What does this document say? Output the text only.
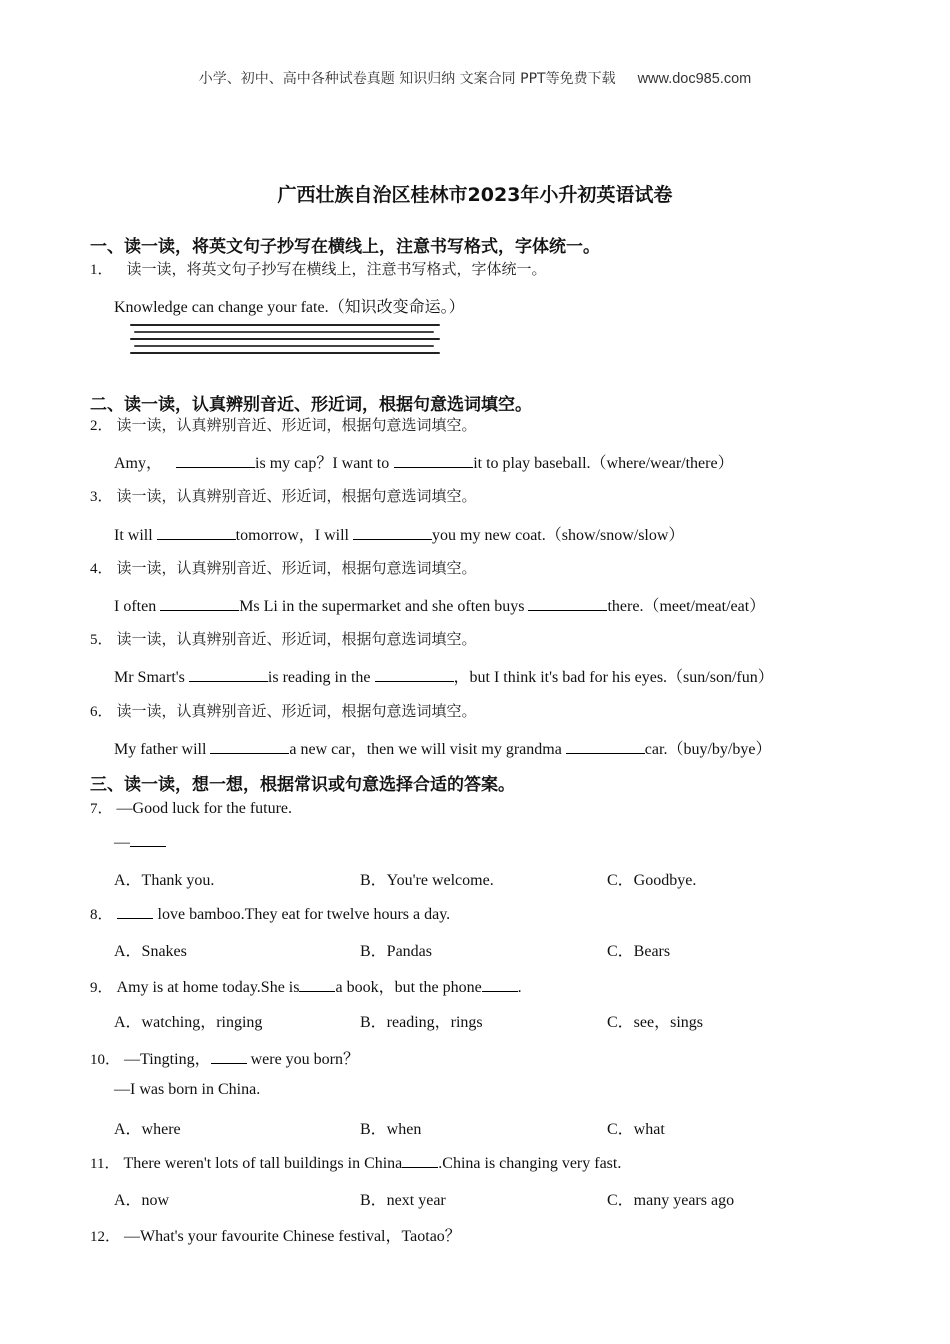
小学、初中、高中各种试卷真题 知识归纳 文案合同 PPT等免费下载 www.doc985.com
广西壮族自治区桂林市2023年小升初英语试卷
一、读一读，将英文句子抄写在横线上，注意书写格式，字体统一。
1． 读一读，将英文句子抄写在横线上，注意书写格式，字体统一。
Knowledge can change your fate.（知识改变命运。）
二、读一读，认真辨别音近、形近词，根据句意选词填空。
2． 读一读，认真辨别音近、形近词，根据句意选词填空。
Amy，	is my cap？I want to	it to play baseball.（where/wear/there）
3． 读一读，认真辨别音近、形近词，根据句意选词填空。
It will	tomorrow，I will	you my new coat.（show/snow/slow）
4． 读一读，认真辨别音近、形近词，根据句意选词填空。
I often	Ms Li in the supermarket and she often buys	there.（meet/meat/eat）
5． 读一读，认真辨别音近、形近词，根据句意选词填空。
Mr Smart's	is reading in the	，but I think it's bad for his eyes.（sun/son/fun）
6． 读一读，认真辨别音近、形近词，根据句意选词填空。
My father will	a new car，then we will visit my grandma	car.（buy/by/bye）
三、读一读，想一想，根据常识或句意选择合适的答案。
7． —Good luck for the future.
—
A．Thank you.	B．You're welcome.	C．Goodbye.
8．	love bamboo.They eat for twelve hours a day.
A．Snakes	B．Pandas	C．Bears
9． Amy is at home today.She is a book，but the phone .
A．watching，ringing	B．reading，rings	C．see，sings
10． —Tingting，	were you born？
—I was born in China.
A．where	B．when	C．what
11． There weren't lots of tall buildings in China .China is changing very fast.
A．now	B．next year	C．many years ago
12． —What's your favourite Chinese festival，Taotao？
